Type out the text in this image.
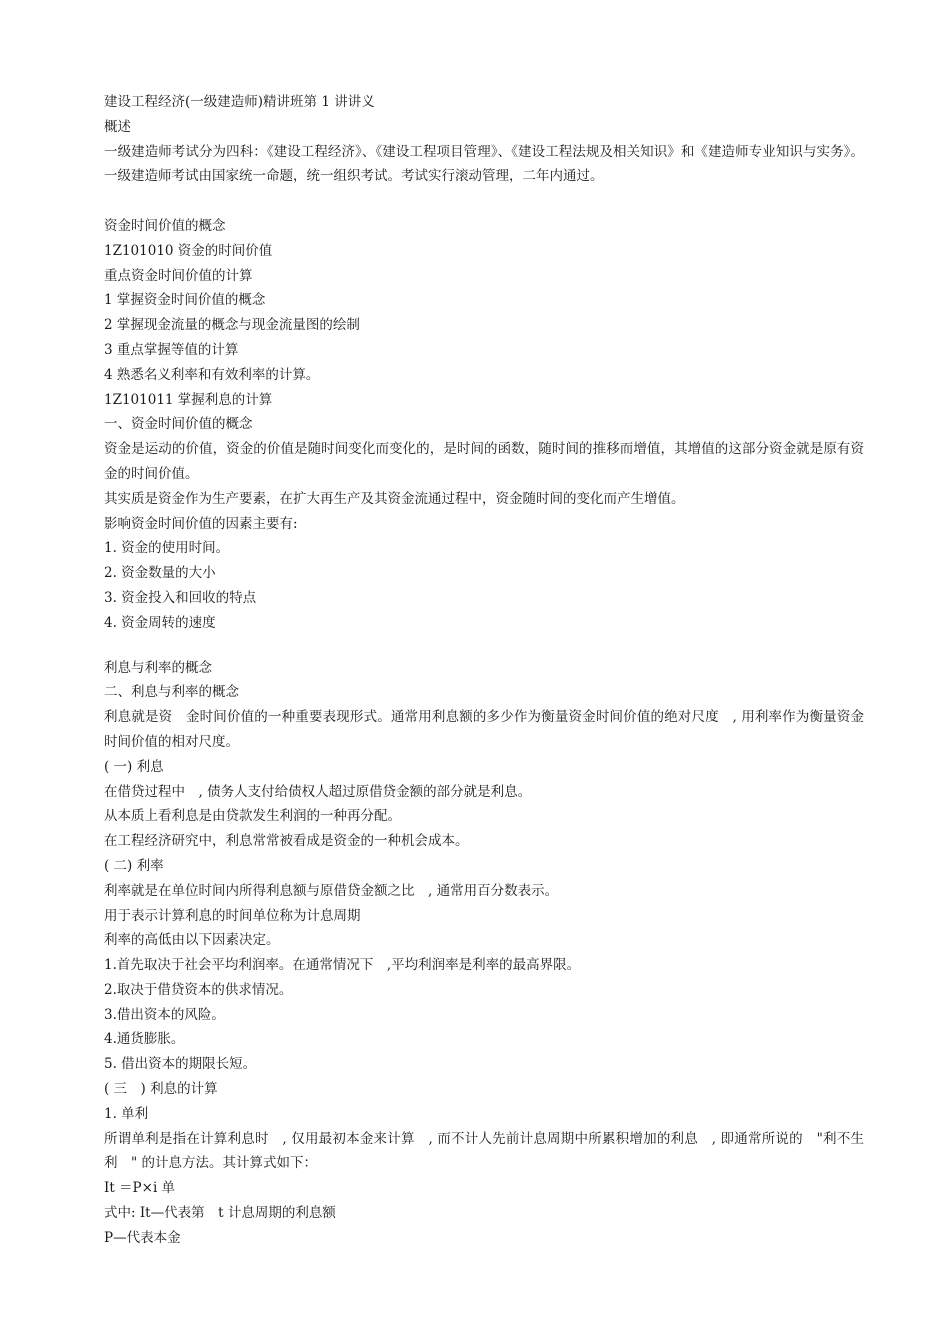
建设工程经济(一级建造师)精讲班第 1 讲讲义
概述
一级建造师考试分为四科：《建设工程经济》、《建设工程项目管理》、《建设工程法规及相关知识》和《建造师专业知识与实务》。一级建造师考试由国家统一命题，统一组织考试。考试实行滚动管理，二年内通过。
资金时间价值的概念
1Z101010 资金的时间价值
重点资金时间价值的计算
1 掌握资金时间价值的概念
2 掌握现金流量的概念与现金流量图的绘制
3 重点掌握等值的计算
4 熟悉名义利率和有效利率的计算。
1Z101011 掌握利息的计算
一、资金时间价值的概念
资金是运动的价值，资金的价值是随时间变化而变化的，是时间的函数，随时间的推移而增值，其增值的这部分资金就是原有资金的时间价值。
其实质是资金作为生产要素，在扩大再生产及其资金流通过程中，资金随时间的变化而产生增值。
影响资金时间价值的因素主要有:
1. 资金的使用时间。
2. 资金数量的大小
3. 资金投入和回收的特点
4. 资金周转的速度
利息与利率的概念
二、利息与利率的概念
利息就是资　金时间价值的一种重要表现形式。通常用利息额的多少作为衡量资金时间价值的绝对尺度　, 用利率作为衡量资金时间价值的相对尺度。
( 一) 利息
在借贷过程中　, 债务人支付给债权人超过原借贷金额的部分就是利息。
从本质上看利息是由贷款发生利润的一种再分配。
在工程经济研究中，利息常常被看成是资金的一种机会成本。
( 二) 利率
利率就是在单位时间内所得利息额与原借贷金额之比　, 通常用百分数表示。
用于表示计算利息的时间单位称为计息周期
利率的高低由以下因素决定。
1.首先取决于社会平均利润率。在通常情况下　,平均利润率是利率的最高界限。
2.取决于借贷资本的供求情况。
3.借出资本的风险。
4.通货膨胀。
5. 借出资本的期限长短。
( 三　) 利息的计算
1. 单利
所谓单利是指在计算利息时　, 仅用最初本金来计算　, 而不计人先前计息周期中所累积增加的利息　, 即通常所说的　"利不生利　" 的计息方法。其计算式如下：
It ＝P×i 单
式中: It—代表第　t 计息周期的利息额
P—代表本金
